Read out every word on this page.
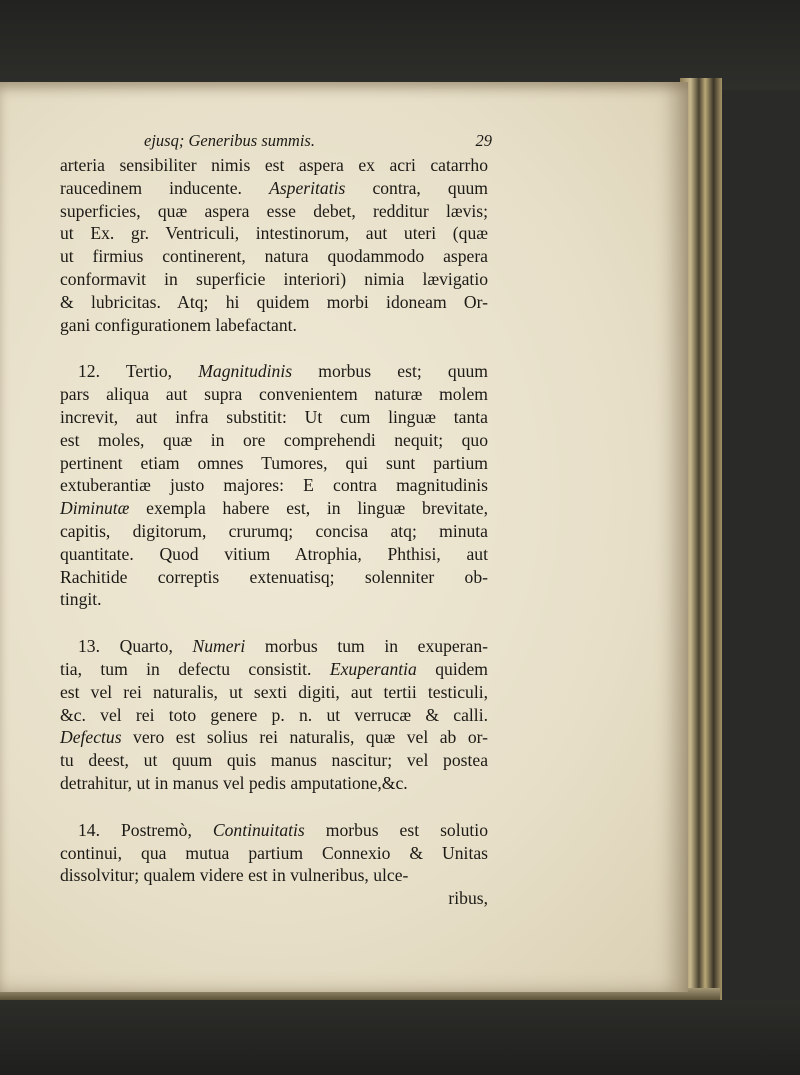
ejusq; Generibus summis.	29
arteria sensibiliter nimis est aspera ex acri catarrho
raucedinem inducente. Asperitatis contra, quum
superficies, quæ aspera esse debet, redditur lævis;
ut Ex. gr. Ventriculi, intestinorum, aut uteri (quæ
ut firmius continerent, natura quodammodo aspera
conformavit in superficie interiori) nimia lævigatio
& lubricitas. Atq; hi quidem morbi idoneam Or-
gani configurationem labefactant.
12. Tertio, Magnitudinis morbus est; quum
pars aliqua aut supra convenientem naturæ molem
increvit, aut infra substitit: Ut cum linguæ tanta
est moles, quæ in ore comprehendi nequit; quo
pertinent etiam omnes Tumores, qui sunt partium
extuberantiæ justo majores: E contra magnitudinis
Diminutæ exempla habere est, in linguæ brevitate,
capitis, digitorum, crurumq; concisa atq; minuta
quantitate. Quod vitium Atrophia, Phthisi, aut
Rachitide correptis extenuatisq; solenniter ob-
tingit.
13. Quarto, Numeri morbus tum in exuperan-
tia, tum in defectu consistit. Exuperantia quidem
est vel rei naturalis, ut sexti digiti, aut tertii testiculi,
&c. vel rei toto genere p. n. ut verrucæ & calli.
Defectus vero est solius rei naturalis, quæ vel ab or-
tu deest, ut quum quis manus nascitur; vel postea
detrahitur, ut in manus vel pedis amputatione,&c.
14. Postremò, Continuitatis morbus est solutio
continui, qua mutua partium Connexio & Unitas
dissolvitur; qualem videre est in vulneribus, ulce-
ribus,
